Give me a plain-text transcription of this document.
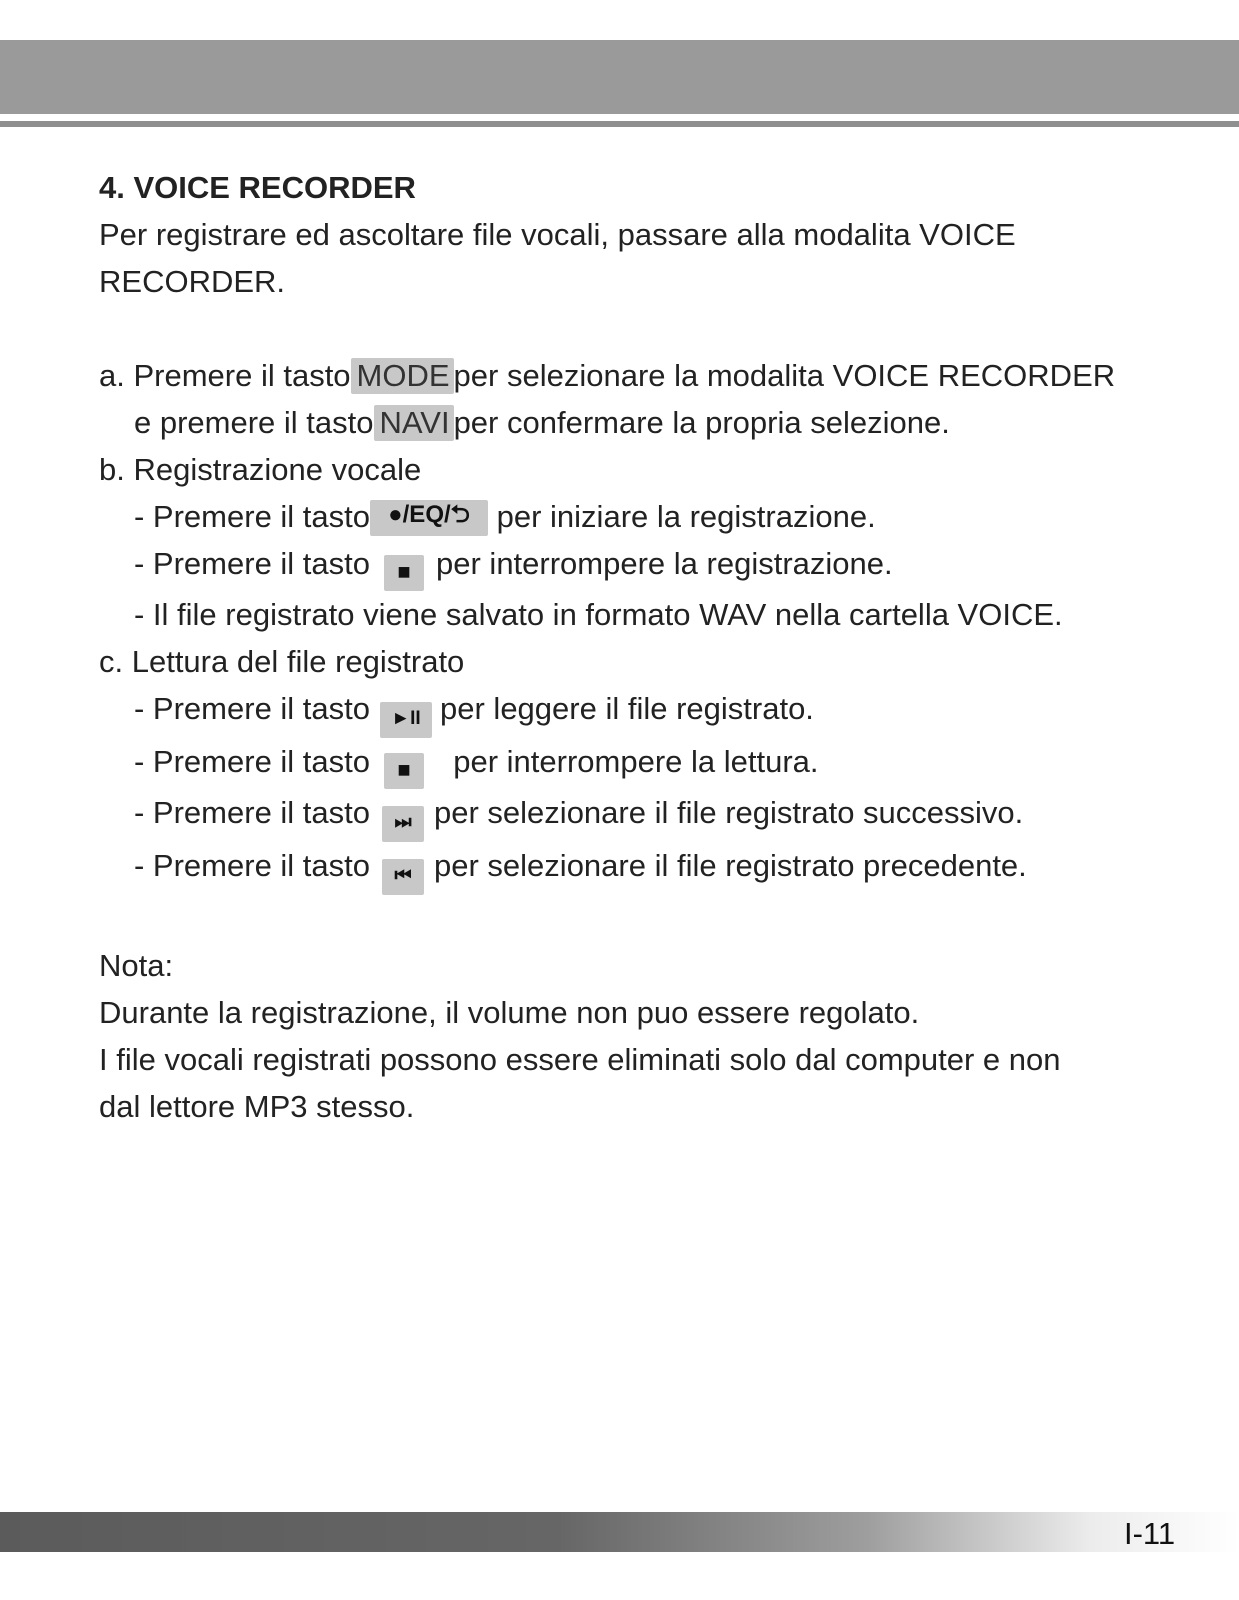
4. VOICE RECORDER
Per registrare ed ascoltare file vocali, passare alla modalita VOICE
RECORDER.
a. Premere il tasto MODE per selezionare la modalita VOICE RECORDER
e premere il tasto NAVI per confermare la propria selezione.
b. Registrazione vocale
- Premere il tasto ●/EQ/⮌ per iniziare la registrazione.
- Premere il tasto ■ per interrompere la registrazione.
- Il file registrato viene salvato in formato WAV nella cartella VOICE.
c. Lettura del file registrato
- Premere il tasto ►II per leggere il file registrato.
- Premere il tasto ■  per interrompere la lettura.
- Premere il tasto ⏭ per selezionare il file registrato successivo.
- Premere il tasto ⏮ per selezionare il file registrato precedente.
Nota:
Durante la registrazione, il volume non puo essere regolato.
I file vocali registrati possono essere eliminati solo dal computer e non
dal lettore MP3 stesso.
I-11
